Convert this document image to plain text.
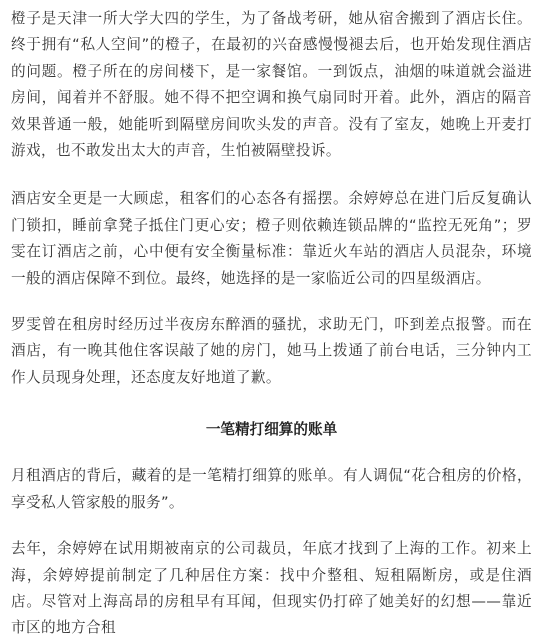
橙子是天津一所大学大四的学生，为了备战考研，她从宿舍搬到了酒店长住。终于拥有“私人空间”的橙子，在最初的兴奋感慢慢褪去后，也开始发现住酒店的问题。橙子所在的房间楼下，是一家餐馆。一到饭点，油烟的味道就会溢进房间，闻着并不舒服。她不得不把空调和换气扇同时开着。此外，酒店的隔音效果普通一般，她能听到隔壁房间吹头发的声音。没有了室友，她晚上开麦打游戏，也不敢发出太大的声音，生怕被隔壁投诉。

酒店安全更是一大顾虑，租客们的心态各有摇摆。余婷婷总在进门后反复确认门锁扣，睡前拿凳子抵住门更心安；橙子则依赖连锁品牌的“监控无死角”；罗雯在订酒店之前，心中便有安全衡量标准：靠近火车站的酒店人员混杂，环境一般的酒店保障不到位。最终，她选择的是一家临近公司的四星级酒店。

罗雯曾在租房时经历过半夜房东醉酒的骚扰，求助无门，吓到差点报警。而在酒店，有一晚其他住客误敲了她的房门，她马上拨通了前台电话，三分钟内工作人员现身处理，还态度友好地道了歉。

一笔精打细算的账单

月租酒店的背后，藏着的是一笔精打细算的账单。有人调侃“花合租房的价格，享受私人管家般的服务”。

去年，余婷婷在试用期被南京的公司裁员，年底才找到了上海的工作。初来上海，余婷婷提前制定了几种居住方案：找中介整租、短租隔断房，或是住酒店。尽管对上海高昂的房租早有耳闻，但现实仍打碎了她美好的幻想——靠近市区的地方合租
